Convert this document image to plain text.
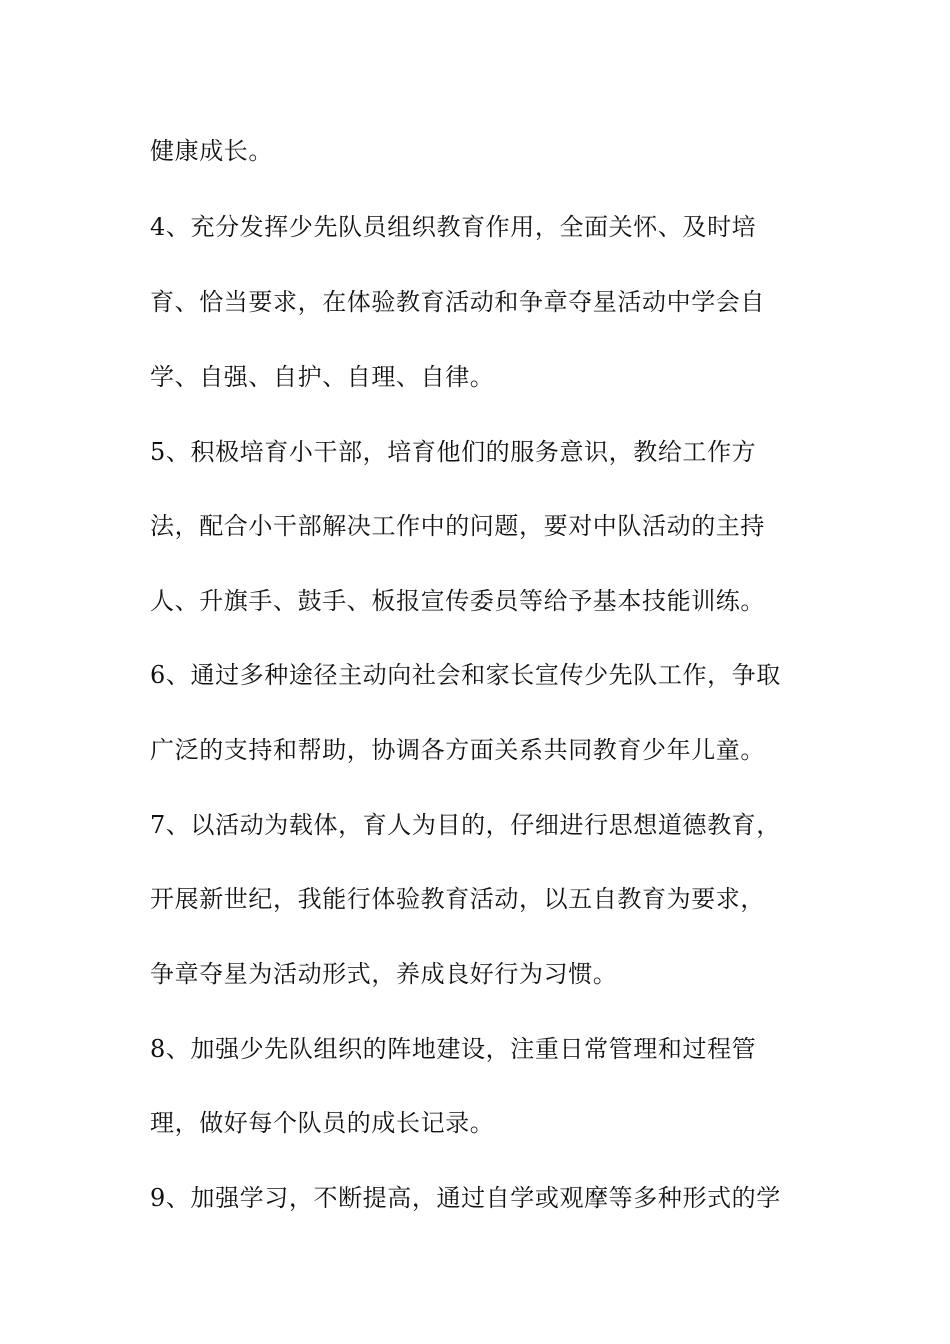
健康成长。
4、充分发挥少先队员组织教育作用，全面关怀、及时培
育、恰当要求，在体验教育活动和争章夺星活动中学会自
学、自强、自护、自理、自律。
5、积极培育小干部，培育他们的服务意识，教给工作方
法，配合小干部解决工作中的问题，要对中队活动的主持
人、升旗手、鼓手、板报宣传委员等给予基本技能训练。
6、通过多种途径主动向社会和家长宣传少先队工作，争取
广泛的支持和帮助，协调各方面关系共同教育少年儿童。
7、以活动为载体，育人为目的，仔细进行思想道德教育，
开展新世纪，我能行体验教育活动，以五自教育为要求，
争章夺星为活动形式，养成良好行为习惯。
8、加强少先队组织的阵地建设，注重日常管理和过程管
理，做好每个队员的成长记录。
9、加强学习，不断提高，通过自学或观摩等多种形式的学
